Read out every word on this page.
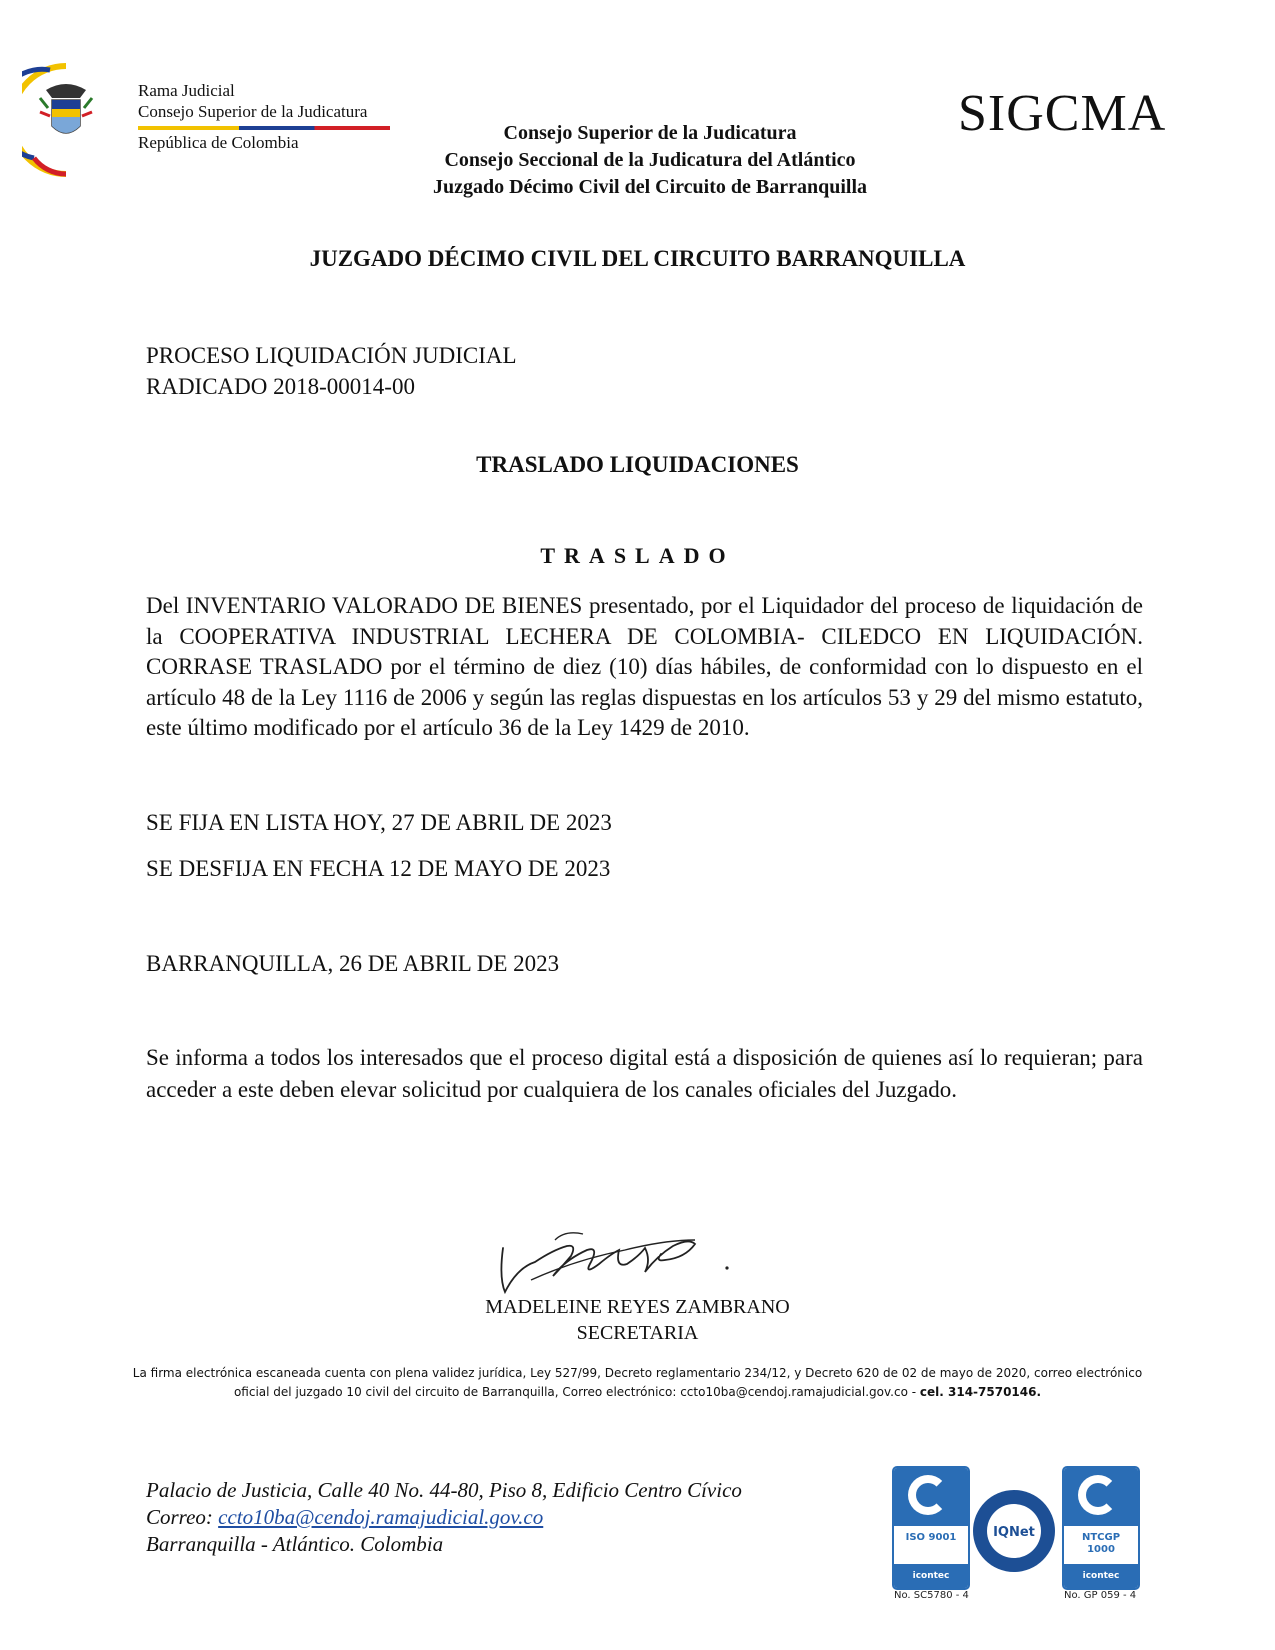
Rama Judicial
Consejo Superior de la Judicatura
República de Colombia
SIGCMA
Consejo Superior de la Judicatura
Consejo Seccional de la Judicatura del Atlántico
Juzgado Décimo Civil del Circuito de Barranquilla
JUZGADO DÉCIMO CIVIL DEL CIRCUITO BARRANQUILLA
PROCESO LIQUIDACIÓN JUDICIAL
RADICADO 2018-00014-00
TRASLADO LIQUIDACIONES
TRASLADO
Del INVENTARIO VALORADO DE BIENES presentado, por el Liquidador del proceso de liquidación de la COOPERATIVA INDUSTRIAL LECHERA DE COLOMBIA- CILEDCO EN LIQUIDACIÓN. CORRASE TRASLADO por el término de diez (10) días hábiles, de conformidad con lo dispuesto en el artículo 48 de la Ley 1116 de 2006 y según las reglas dispuestas en los artículos 53 y 29 del mismo estatuto, este último modificado por el artículo 36 de la Ley 1429 de 2010.
SE FIJA EN LISTA HOY, 27 DE ABRIL DE 2023
SE DESFIJA EN FECHA 12 DE MAYO DE 2023
BARRANQUILLA, 26 DE ABRIL DE 2023
Se informa a todos los interesados que el proceso digital está a disposición de quienes así lo requieran; para acceder a este deben elevar solicitud por cualquiera de los canales oficiales del Juzgado.
MADELEINE REYES ZAMBRANO
SECRETARIA
La firma electrónica escaneada cuenta con plena validez jurídica, Ley 527/99, Decreto reglamentario 234/12, y Decreto 620 de 02 de mayo de 2020, correo electrónico oficial del juzgado 10 civil del circuito de Barranquilla, Correo electrónico: ccto10ba@cendoj.ramajudicial.gov.co - cel. 314-7570146.
Palacio de Justicia, Calle 40 No. 44-80, Piso 8, Edificio Centro Cívico
Correo: ccto10ba@cendoj.ramajudicial.gov.co
Barranquilla - Atlántico. Colombia	ISO 9001
icontec
No. SC5780 - 4
IQNet	NTCGP
1000
icontec
No. GP 059 - 4
